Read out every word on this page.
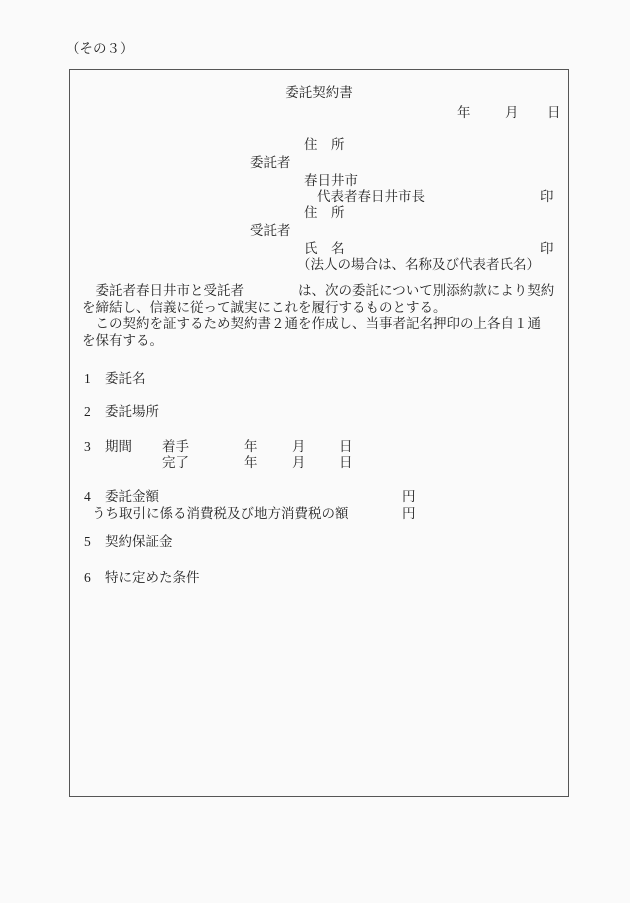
（その３）
委託契約書
年	月 日
住　所
委託者
春日井市
代表者春日井市長	印
住　所
受託者
氏　名	印
（法人の場合は、名称及び代表者氏名）
　委託者春日井市と受託者　　　　は、次の委託について別添約款により契約
を締結し、信義に従って誠実にこれを履行するものとする。
　この契約を証するため契約書２通を作成し、当事者記名押印の上各自１通
を保有する。
1 委託名
2 委託場所
3 期間 着手	年	月 日
完了	年	月 日
4 委託金額	円
うち取引に係る消費税及び地方消費税の額	円
5 契約保証金
6 特に定めた条件
